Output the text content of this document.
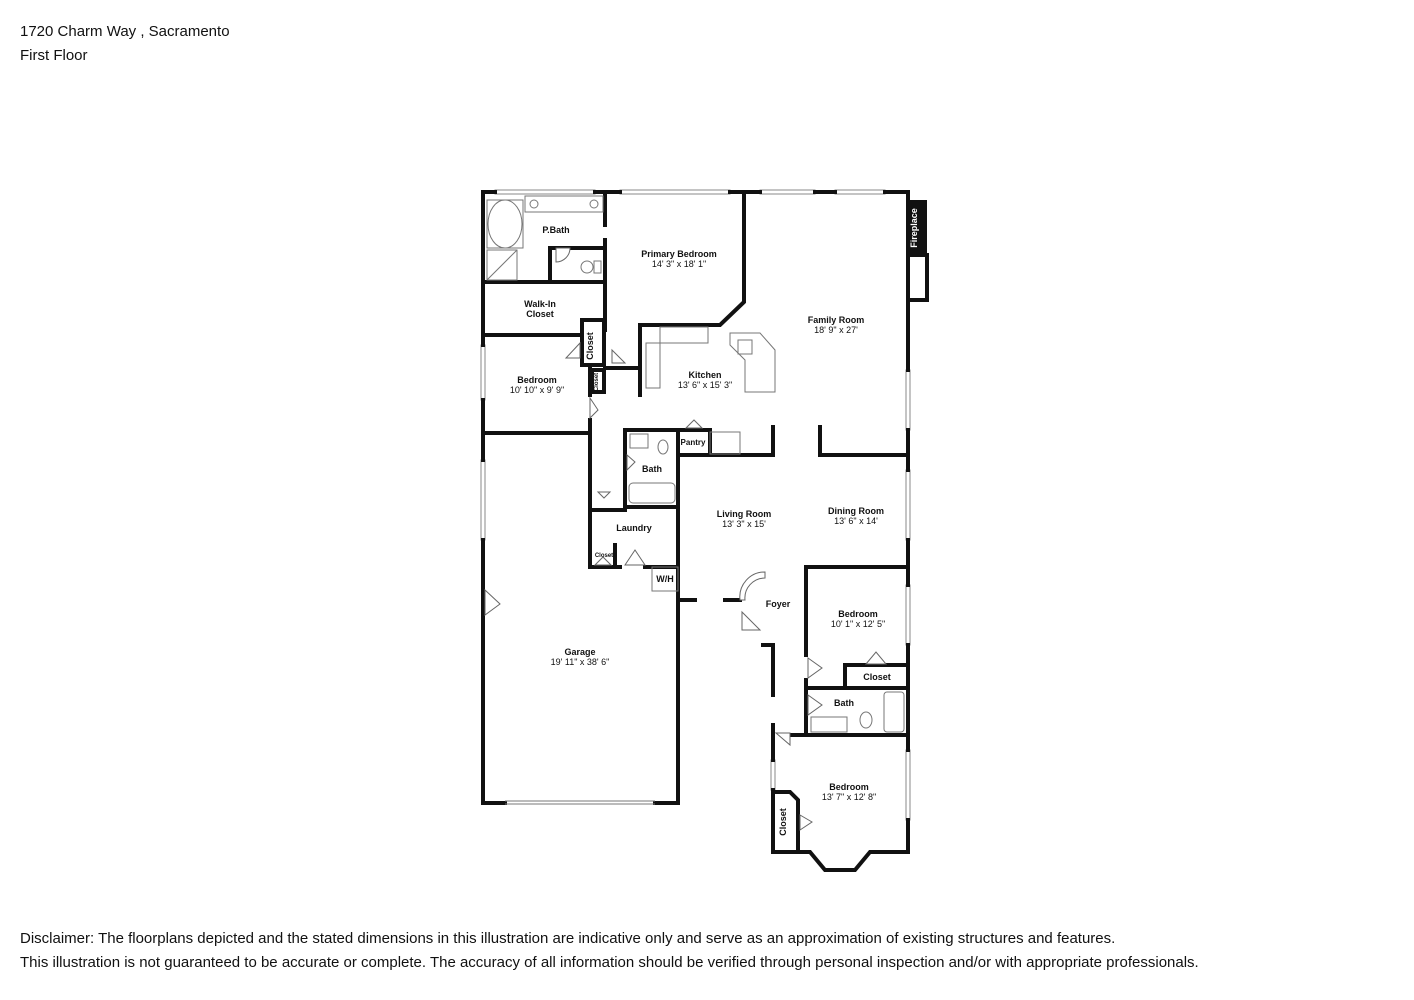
1720 Charm Way , Sacramento
First Floor
P.Bath
Primary Bedroom
14' 3" x 18' 1"
Walk-In
Closet
Family Room
18' 9" x 27'
Fireplace
Closet
Closet
Bedroom
10' 10" x 9' 9"
Kitchen
13' 6" x 15' 3"
Pantry
Bath
Laundry
Closet
W/H
Living Room
13' 3" x 15'
Dining Room
13' 6" x 14'
Foyer
Bedroom
10' 1" x 12' 5"
Closet
Bath
Garage
19' 11" x 38' 6"
Bedroom
13' 7" x 12' 8"
Closet
Disclaimer: The floorplans depicted and the stated dimensions in this illustration are indicative only and serve as an approximation of existing structures and features.
This illustration is not guaranteed to be accurate or complete. The accuracy of all information should be verified through personal inspection and/or with appropriate professionals.
